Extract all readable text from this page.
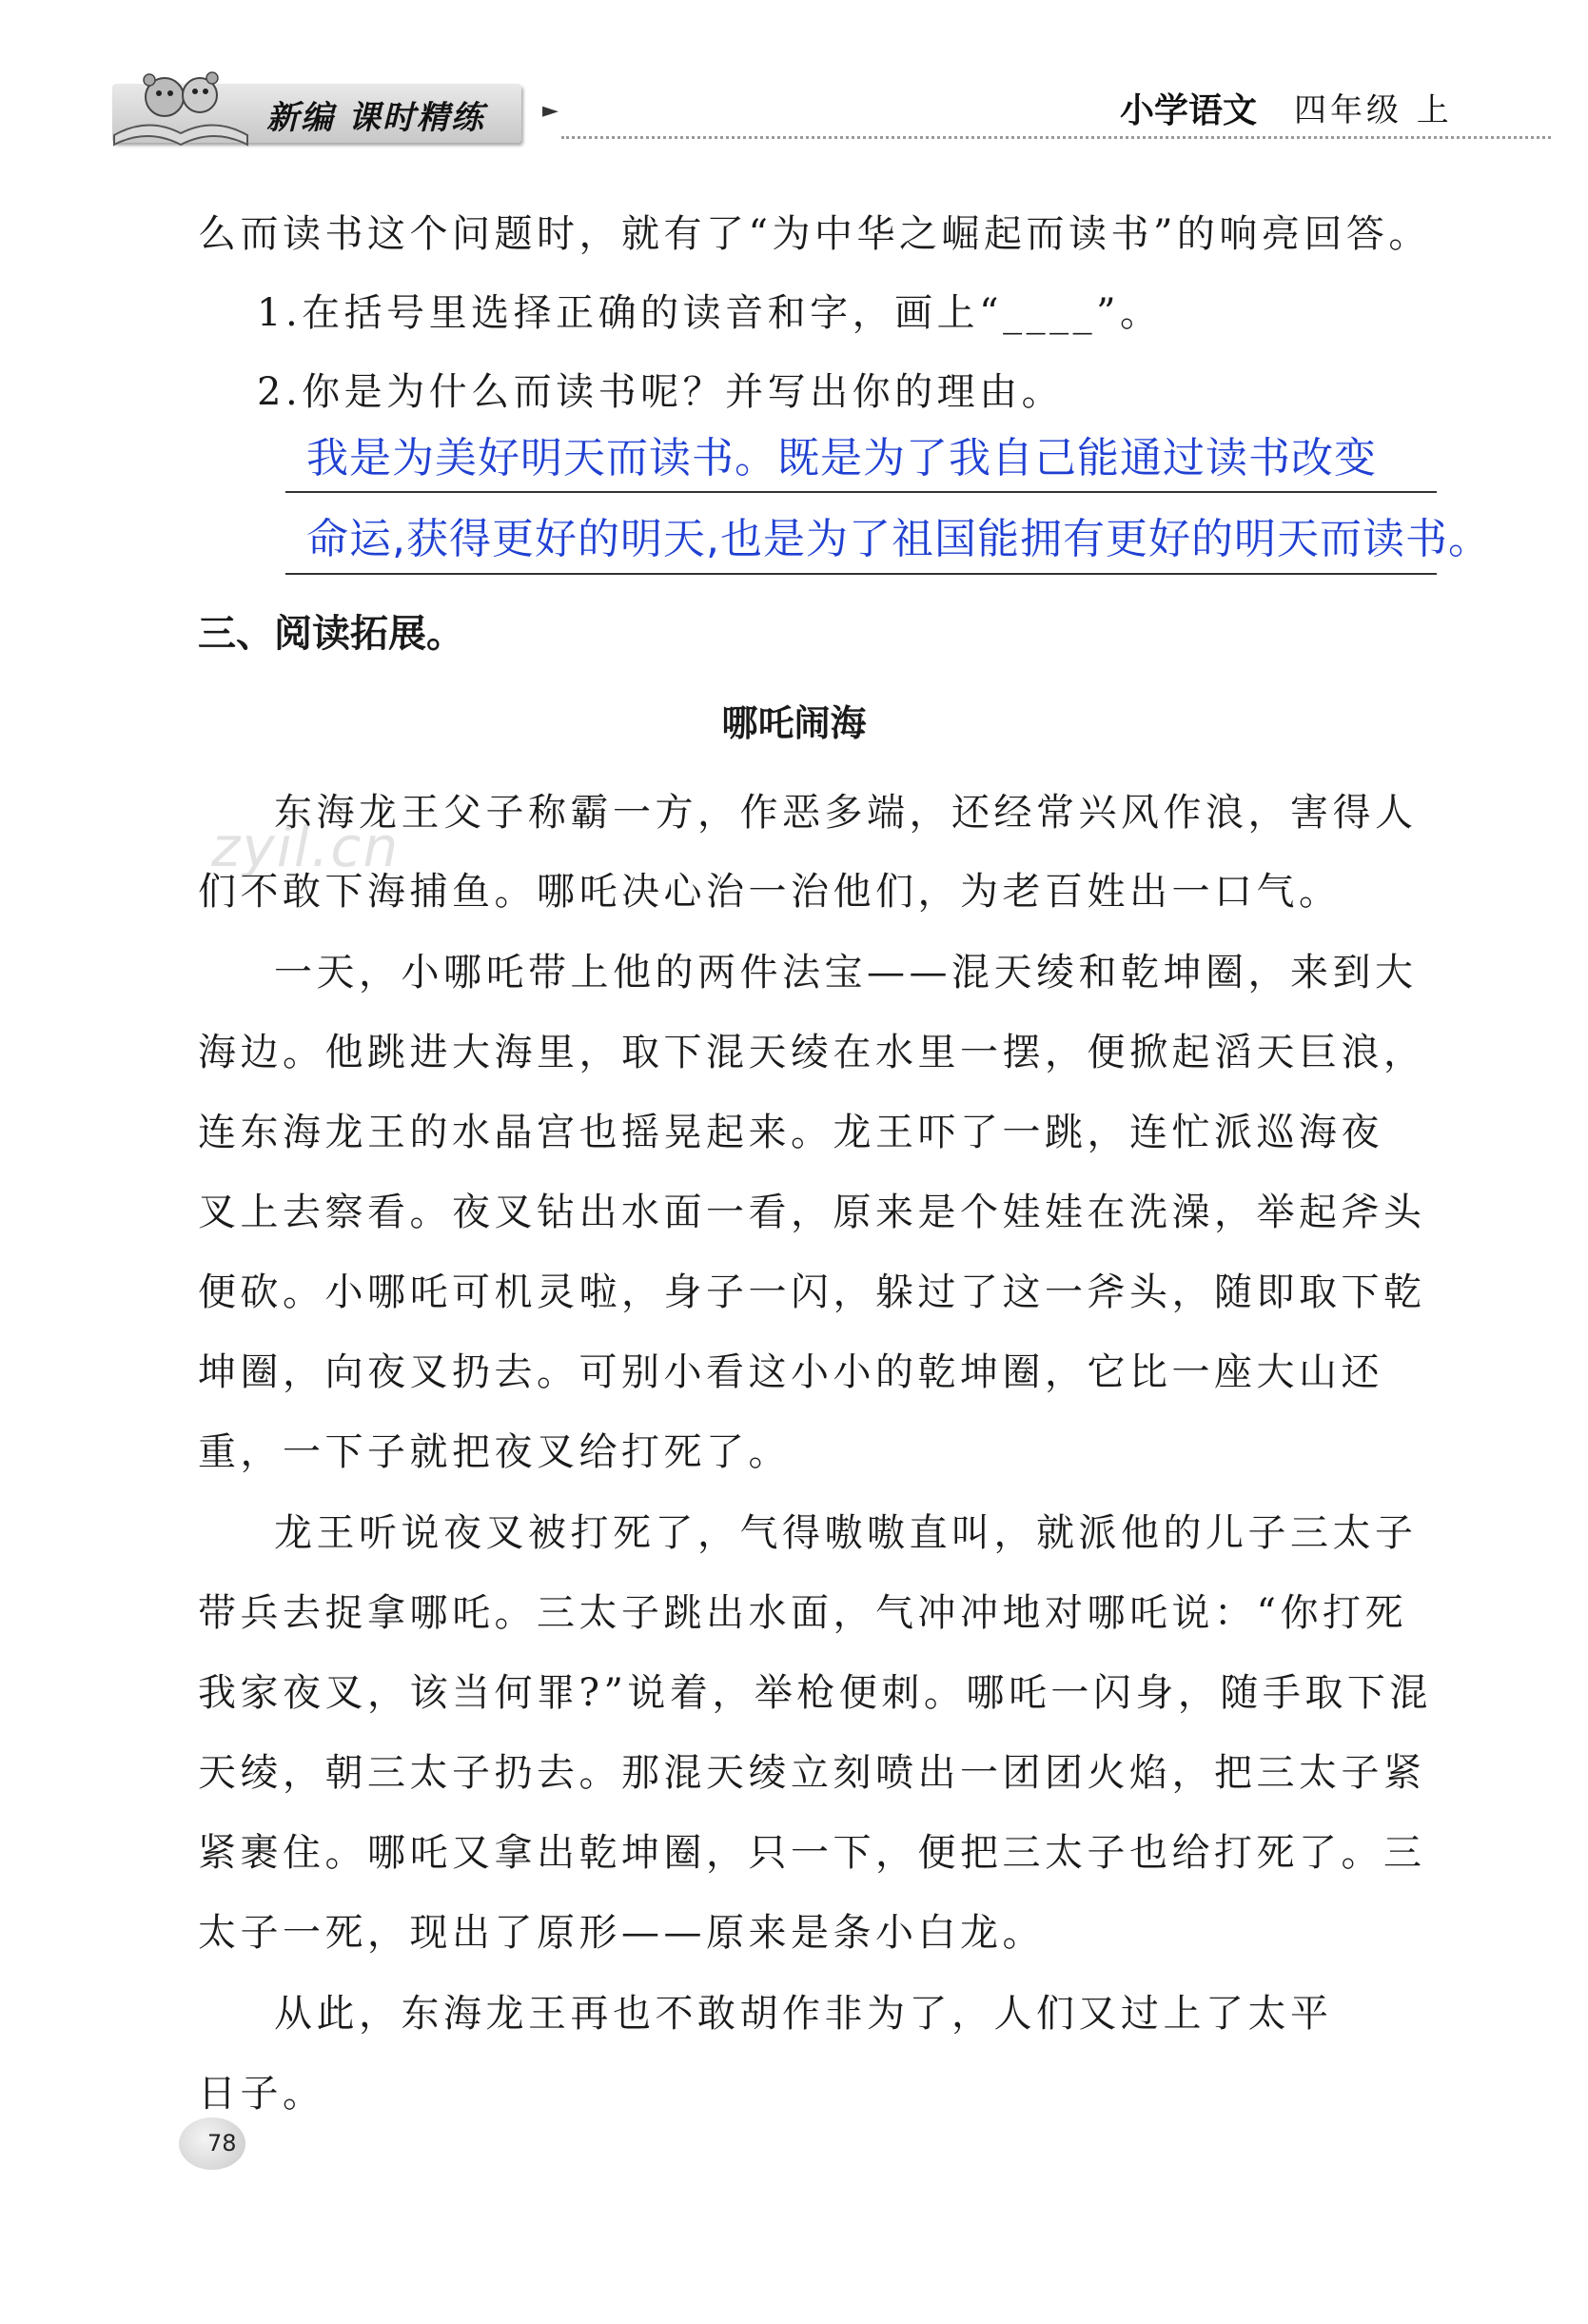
新编 课时精练	►	小学语文 四年级 上
么而读书这个问题时，就有了“为中华之崛起而读书”的响亮回答。
1.在括号里选择正确的读音和字，画上“____”。
2.你是为什么而读书呢？并写出你的理由。
我是为美好明天而读书。既是为了我自己能通过读书改变
命运,获得更好的明天,也是为了祖国能拥有更好的明天而读书。
三、阅读拓展。
哪吒闹海
zyil.cn
东海龙王父子称霸一方，作恶多端，还经常兴风作浪，害得人
们不敢下海捕鱼。哪吒决心治一治他们，为老百姓出一口气。
一天，小哪吒带上他的两件法宝——混天绫和乾坤圈，来到大
海边。他跳进大海里，取下混天绫在水里一摆，便掀起滔天巨浪，
连东海龙王的水晶宫也摇晃起来。龙王吓了一跳，连忙派巡海夜
叉上去察看。夜叉钻出水面一看，原来是个娃娃在洗澡，举起斧头
便砍。小哪吒可机灵啦，身子一闪，躲过了这一斧头，随即取下乾
坤圈，向夜叉扔去。可别小看这小小的乾坤圈，它比一座大山还
重，一下子就把夜叉给打死了。
龙王听说夜叉被打死了，气得嗷嗷直叫，就派他的儿子三太子
带兵去捉拿哪吒。三太子跳出水面，气冲冲地对哪吒说：“你打死
我家夜叉，该当何罪?”说着，举枪便刺。哪吒一闪身，随手取下混
天绫，朝三太子扔去。那混天绫立刻喷出一团团火焰，把三太子紧
紧裹住。哪吒又拿出乾坤圈，只一下，便把三太子也给打死了。三
太子一死，现出了原形——原来是条小白龙。
从此，东海龙王再也不敢胡作非为了，人们又过上了太平
日子。
78
